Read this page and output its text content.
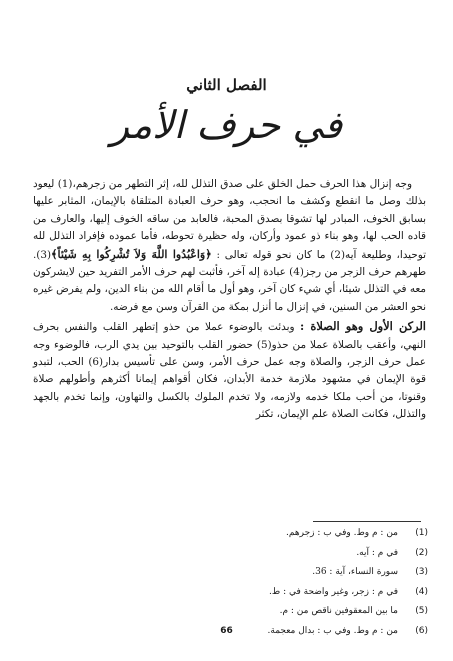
الفصل الثاني
في حرف الأمر

وجه إنزال هذا الحرف حمل الخلق على صدق التذلل لله، إثر التطهر من زجرهم،(1) ليعود بذلك وصل ما انقطع وكشف ما انحجب، وهو حرف العبادة المتلقاة بالإيمان، المثابر عليها بسابق الخوف، المبادر لها تشوقا بصدق المحبة، فالعابد من ساقه الخوف إليها، والعارف من قاده الحب لها، وهو بناء ذو عمود وأركان، وله حظيرة تحوطه، فأما عموده فإفراد التذلل لله توحيدا، وطليعة آيه(2) ما كان نحو قوله تعالى : ﴿وَاعْبُدُوا اللَّهَ وَلاَ تُشْرِكُوا بِهِ شَيْئاً﴾(3). طهرهم حرف الزجر من رجز(4) عبادة إله آخر، فأثبت لهم حرف الأمر التفريد حين لايشركون معه في التذلل شيئا، أي شيء كان آخر، وهو أول ما أقام الله من بناء الدين، ولم يفرض غيره نحو العشر من السنين، في إنزال ما أنزل بمكة من القرآن وسن مع فرضه.

الركن الأول وهو الصلاة : وبدئت بالوضوء عملا من حذو إتطهر القلب والنفس بحرف النهي، وأعقب بالصلاة عملا من حذو(5) حضور القلب بالتوحيد بين يدي الرب، فالوضوء وجه عمل حرف الزجر، والصلاة وجه عمل حرف الأمر، وسن على تأسيس بدار(6) الحب، لتبدو قوة الإيمان في مشهود ملازمة خدمة الأبدان، فكان أقواهم إيمانا أكثرهم وأطولهم صلاة وقنوتا، من أحب ملكا خدمه ولازمه، ولا تخدم الملوك بالكسل والتهاون، وإنما تخدم بالجهد والتذلل، فكانت الصلاة علم الإيمان، تكثر

(1)
من : م وط. وفي ب : زجرهم.
(2)
في م : آيه.
(3)
سورة النساء، آية : 36.
(4)
في م : زجر، وغير واضحة في : ط.
(5)
ما بين المعقوفين ناقص من : م.
(6)
من : م وط. وفي ب : بدال معجمة.
66
